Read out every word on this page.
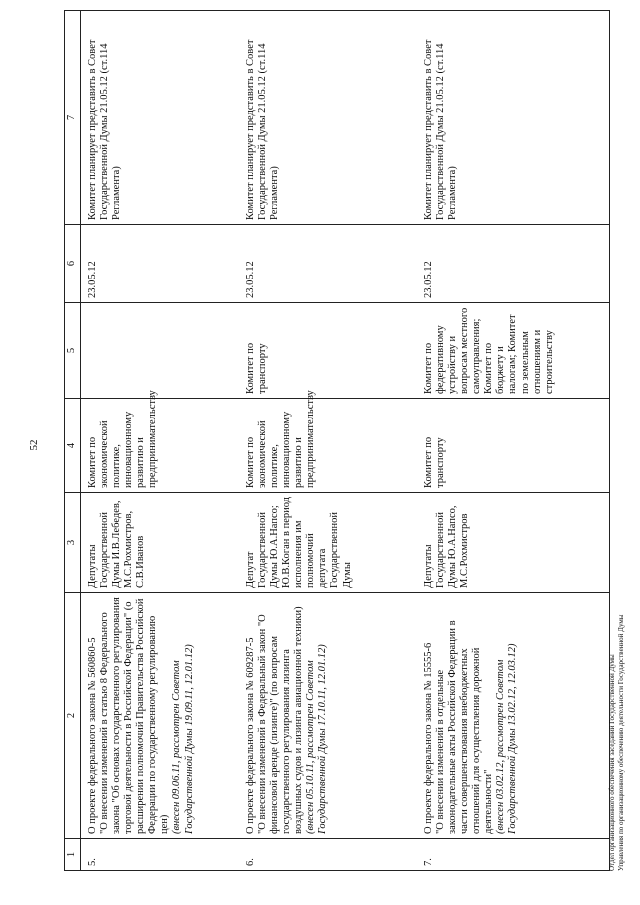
52
1	2	3	4	5	6	7
5.	О проекте федерального закона № 560860-5
"О внесении изменений в статью 8 Федерального закона "Об основах государственного регулирования торговой деятельности в Российской Федерации" (о расширении полномочий Правительства Российской Федерации по государственному регулированию цен)
(внесен 09.06.11, рассмотрен Советом Государственной Думы 19.09.11, 12.01.12)	Депутаты Государственной Думы И.В.Лебедев, М.С.Рохмистров, С.В.Иванов	Комитет по экономической политике, инновационному развитию и предпринимательству		23.05.12	Комитет планирует представить в Совет Государственной Думы 21.05.12 (ст.114 Регламента)
6.	О проекте федерального закона № 609287-5
"О внесении изменений в Федеральный закон "О финансовой аренде (лизинге)" (по вопросам государственного регулирования лизинга воздушных судов и лизинга авиационной техники)
(внесен 05.10.11, рассмотрен Советом Государственной Думы 17.10.11, 12.01.12)	Депутат Государственной Думы Ю.А.Напсо; Ю.В.Коган в период исполнения им полномочий депутата Государственной Думы	Комитет по экономической политике, инновационному развитию и предпринимательству	Комитет по транспорту	23.05.12	Комитет планирует представить в Совет Государственной Думы 21.05.12 (ст.114 Регламента)
7.	О проекте федерального закона № 15555-6
"О внесении изменений в отдельные законодательные акты Российской Федерации в части совершенствования внебюджетных отношений для осуществления дорожной деятельности"
(внесен 03.02.12, рассмотрен Советом Государственной Думы 13.02.12, 12.03.12)	Депутаты Государственной Думы Ю.А.Напсо, М.С.Рохмистров	Комитет по транспорту	Комитет по федеративному устройству и вопросам местного самоуправления; Комитет по бюджету и налогам; Комитет по земельным отношениям и строительству	23.05.12	Комитет планирует представить в Совет Государственной Думы 21.05.12 (ст.114 Регламента)
Отдел организационного обеспечения заседаний Государственной Думы Управления по организационному обеспечению деятельности Государственной Думы
